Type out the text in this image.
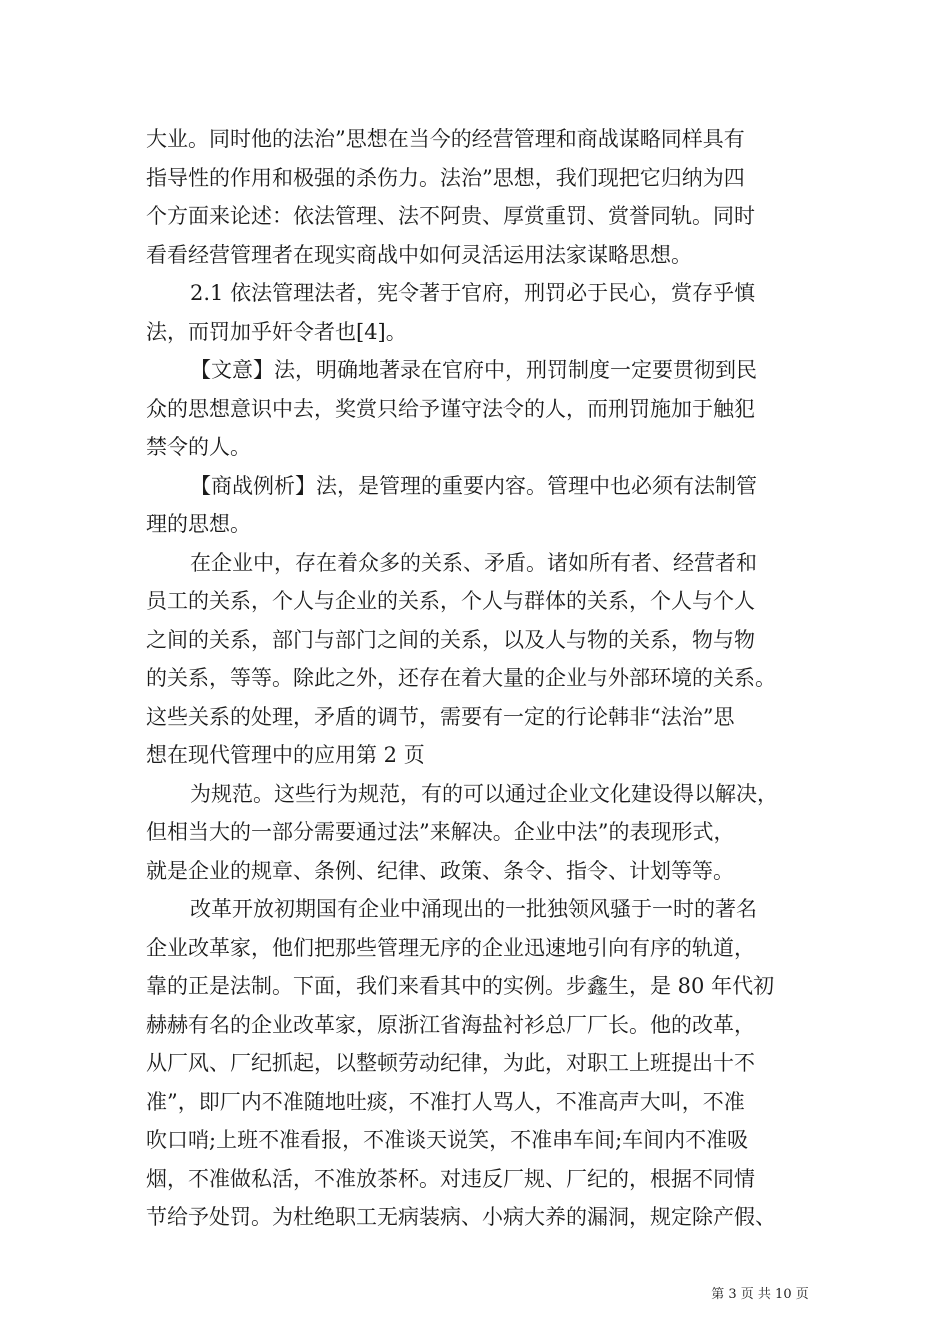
大业。同时他的法治”思想在当今的经营管理和商战谋略同样具有
指导性的作用和极强的杀伤力。法治”思想，我们现把它归纳为四
个方面来论述：依法管理、法不阿贵、厚赏重罚、赏誉同轨。同时
看看经营管理者在现实商战中如何灵活运用法家谋略思想。
2.1 依法管理法者，宪令著于官府，刑罚必于民心，赏存乎慎
法，而罚加乎奸令者也[4]。
【文意】法，明确地著录在官府中，刑罚制度一定要贯彻到民
众的思想意识中去，奖赏只给予谨守法令的人，而刑罚施加于触犯
禁令的人。
【商战例析】法，是管理的重要内容。管理中也必须有法制管
理的思想。
在企业中，存在着众多的关系、矛盾。诸如所有者、经营者和
员工的关系，个人与企业的关系，个人与群体的关系，个人与个人
之间的关系，部门与部门之间的关系，以及人与物的关系，物与物
的关系，等等。除此之外，还存在着大量的企业与外部环境的关系。
这些关系的处理，矛盾的调节，需要有一定的行论韩非“法治”思
想在现代管理中的应用第 2 页
为规范。这些行为规范，有的可以通过企业文化建设得以解决，
但相当大的一部分需要通过法”来解决。企业中法”的表现形式，
就是企业的规章、条例、纪律、政策、条令、指令、计划等等。
改革开放初期国有企业中涌现出的一批独领风骚于一时的著名
企业改革家，他们把那些管理无序的企业迅速地引向有序的轨道，
靠的正是法制。下面，我们来看其中的实例。步鑫生，是 80 年代初
赫赫有名的企业改革家，原浙江省海盐衬衫总厂厂长。他的改革，
从厂风、厂纪抓起，以整顿劳动纪律，为此，对职工上班提出十不
准”，即厂内不准随地吐痰，不准打人骂人，不准高声大叫，不准
吹口哨;上班不准看报，不准谈天说笑，不准串车间;车间内不准吸
烟，不准做私活，不准放茶杯。对违反厂规、厂纪的，根据不同情
节给予处罚。为杜绝职工无病装病、小病大养的漏洞，规定除产假、
第 3 页 共 10 页
